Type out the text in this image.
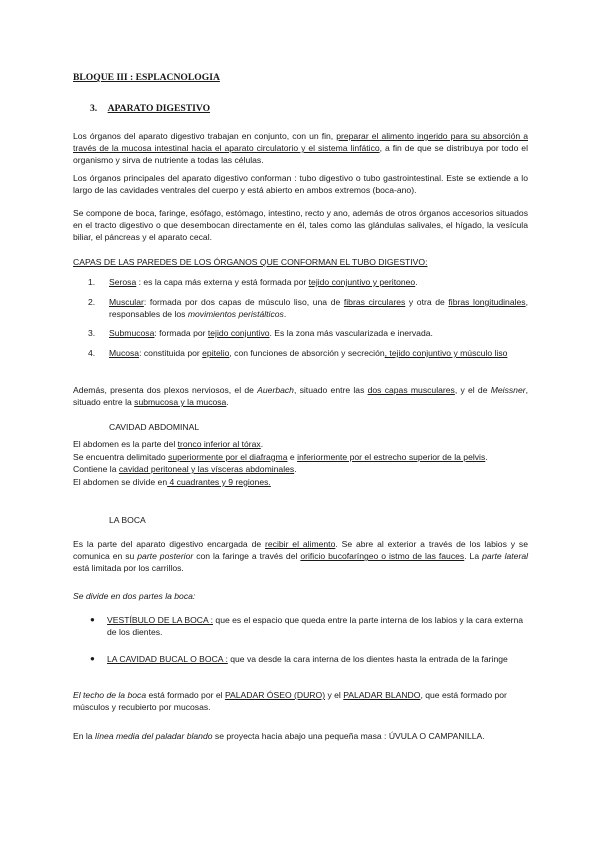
BLOQUE III : ESPLACNOLOGIA
3. APARATO DIGESTIVO

Los órganos del aparato digestivo trabajan en conjunto, con un fin, preparar el alimento ingerido para su absorción a través de la mucosa intestinal hacia el aparato circulatorio y el sistema linfático, a fin de que se distribuya por todo el organismo y sirva de nutriente a todas las células.

Los órganos principales del aparato digestivo conforman : tubo digestivo o tubo gastrointestinal. Este se extiende a lo largo de las cavidades ventrales del cuerpo y está abierto en ambos extremos (boca-ano).

Se compone de boca, faringe, esófago, estómago, intestino, recto y ano, además de otros órganos accesorios situados en el tracto digestivo o que desembocan directamente en él, tales como las glándulas salivales, el hígado, la vesícula biliar, el páncreas y el aparato cecal.

CAPAS DE LAS PAREDES DE LOS ÓRGANOS QUE CONFORMAN EL TUBO DIGESTIVO:
1. Serosa : es la capa más externa y está formada por tejido conjuntivo y peritoneo.
2. Muscular: formada por dos capas de músculo liso, una de fibras circulares y otra de fibras longitudinales, responsables de los movimientos peristálticos.
3. Submucosa: formada por tejido conjuntivo. Es la zona más vascularizada e inervada.
4. Mucosa: constituida por epitelio, con funciones de absorción y secreción, tejido conjuntivo y músculo liso

Además, presenta dos plexos nerviosos, el de Auerbach, situado entre las dos capas musculares, y el de Meissner, situado entre la submucosa y la mucosa.

CAVIDAD ABDOMINAL
El abdomen es la parte del tronco inferior al tórax.
Se encuentra delimitado superiormente por el diafragma e inferiormente por el estrecho superior de la pelvis.
Contiene la cavidad peritoneal y las vísceras abdominales.
El abdomen se divide en 4 cuadrantes y 9 regiones.
LA BOCA

Es la parte del aparato digestivo encargada de recibir el alimento. Se abre al exterior a través de los labios y se comunica en su parte posterior con la faringe a través del orificio bucofaríngeo o istmo de las fauces. La parte lateral está limitada por los carrillos.

Se divide en dos partes la boca:
● VESTÍBULO DE LA BOCA : que es el espacio que queda entre la parte interna de los labios y la cara externa de los dientes.
● LA CAVIDAD BUCAL O BOCA : que va desde la cara interna de los dientes hasta la entrada de la faringe

El techo de la boca está formado por el PALADAR ÓSEO (DURO) y el PALADAR BLANDO, que está formado por músculos y recubierto por mucosas.

En la línea media del paladar blando se proyecta hacia abajo una pequeña masa : ÚVULA O CAMPANILLA.
